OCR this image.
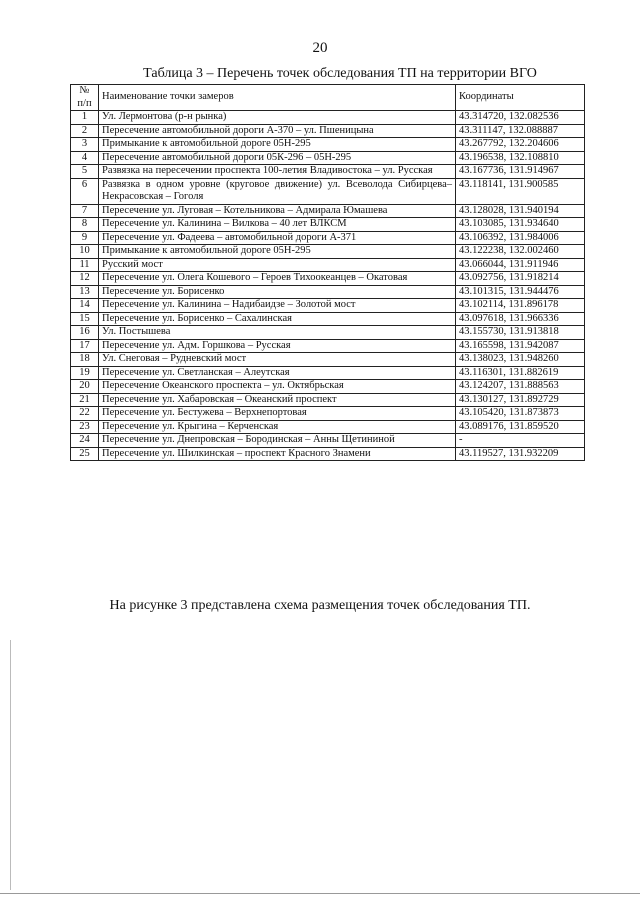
20
Таблица 3 – Перечень точек обследования ТП на территории ВГО
№ п/п	Наименование точки замеров	Координаты
1	Ул. Лермонтова (р-н рынка)	43.314720, 132.082536
2	Пересечение автомобильной дороги А-370 – ул. Пшеницына	43.311147, 132.088887
3	Примыкание к автомобильной дороге 05Н-295	43.267792, 132.204606
4	Пересечение автомобильной дороги 05К-296 – 05Н-295	43.196538, 132.108810
5	Развязка на пересечении проспекта 100-летия Владивостока – ул. Русская	43.167736, 131.914967
6	Развязка в одном уровне (круговое движение) ул. Всеволода Сибирцева– Некрасовская – Гоголя	43.118141, 131.900585
7	Пересечение ул. Луговая – Котельникова – Адмирала Юмашева	43.128028, 131.940194
8	Пересечение ул. Калинина – Вилкова – 40 лет ВЛКСМ	43.103085, 131.934640
9	Пересечение ул. Фадеева – автомобильной дороги А-371	43.106392, 131.984006
10	Примыкание к автомобильной дороге 05Н-295	43.122238, 132.002460
11	Русский мост	43.066044, 131.911946
12	Пересечение ул. Олега Кошевого – Героев Тихоокеанцев – Окатовая	43.092756, 131.918214
13	Пересечение ул. Борисенко	43.101315, 131.944476
14	Пересечение ул. Калинина – Надибаидзе – Золотой мост	43.102114, 131.896178
15	Пересечение ул. Борисенко – Сахалинская	43.097618, 131.966336
16	Ул. Постышева	43.155730, 131.913818
17	Пересечение ул. Адм. Горшкова – Русская	43.165598, 131.942087
18	Ул. Снеговая – Рудневский мост	43.138023, 131.948260
19	Пересечение ул. Светланская – Алеутская	43.116301, 131.882619
20	Пересечение Океанского проспекта – ул. Октябрьская	43.124207, 131.888563
21	Пересечение ул. Хабаровская – Океанский проспект	43.130127, 131.892729
22	Пересечение ул. Бестужева – Верхнепортовая	43.105420, 131.873873
23	Пересечение ул. Крыгина – Керченская	43.089176, 131.859520
24	Пересечение ул. Днепровская – Бородинская – Анны Щетининой	-
25	Пересечение ул. Шилкинская – проспект Красного Знамени	43.119527, 131.932209
На рисунке 3 представлена схема размещения точек обследования ТП.
